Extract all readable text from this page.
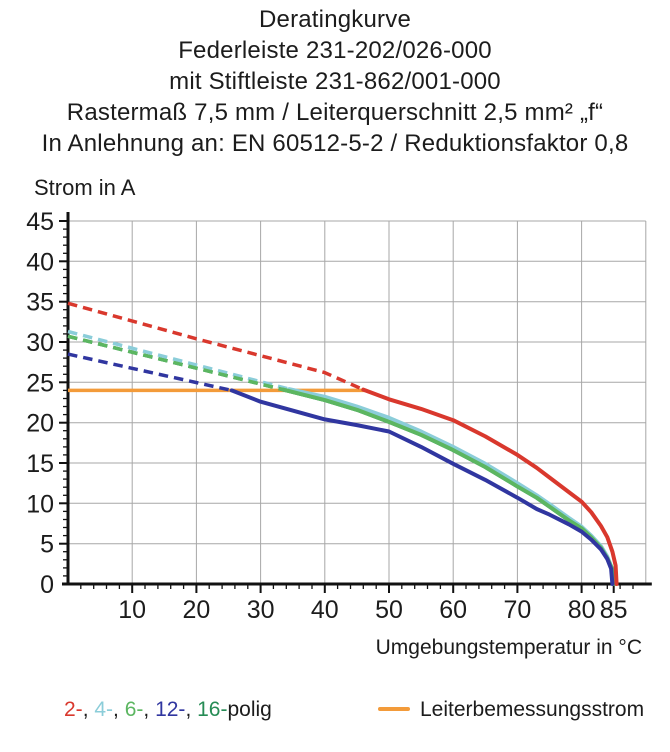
Deratingkurve
Federleiste 231-202/026-000
mit Stiftleiste 231-862/001-000
Rastermaß 7,5 mm / Leiterquerschnitt 2,5 mm² „f“
In Anlehnung an: EN 60512-5-2 / Reduktionsfaktor 0,8
Strom in A
10 20 30 40 50 60 70 80 85
0
5
10
15
20
25
30
35
40
45
Umgebungstemperatur in °C
2-, 4-, 6-, 12-, 16-polig	Leiterbemessungsstrom
